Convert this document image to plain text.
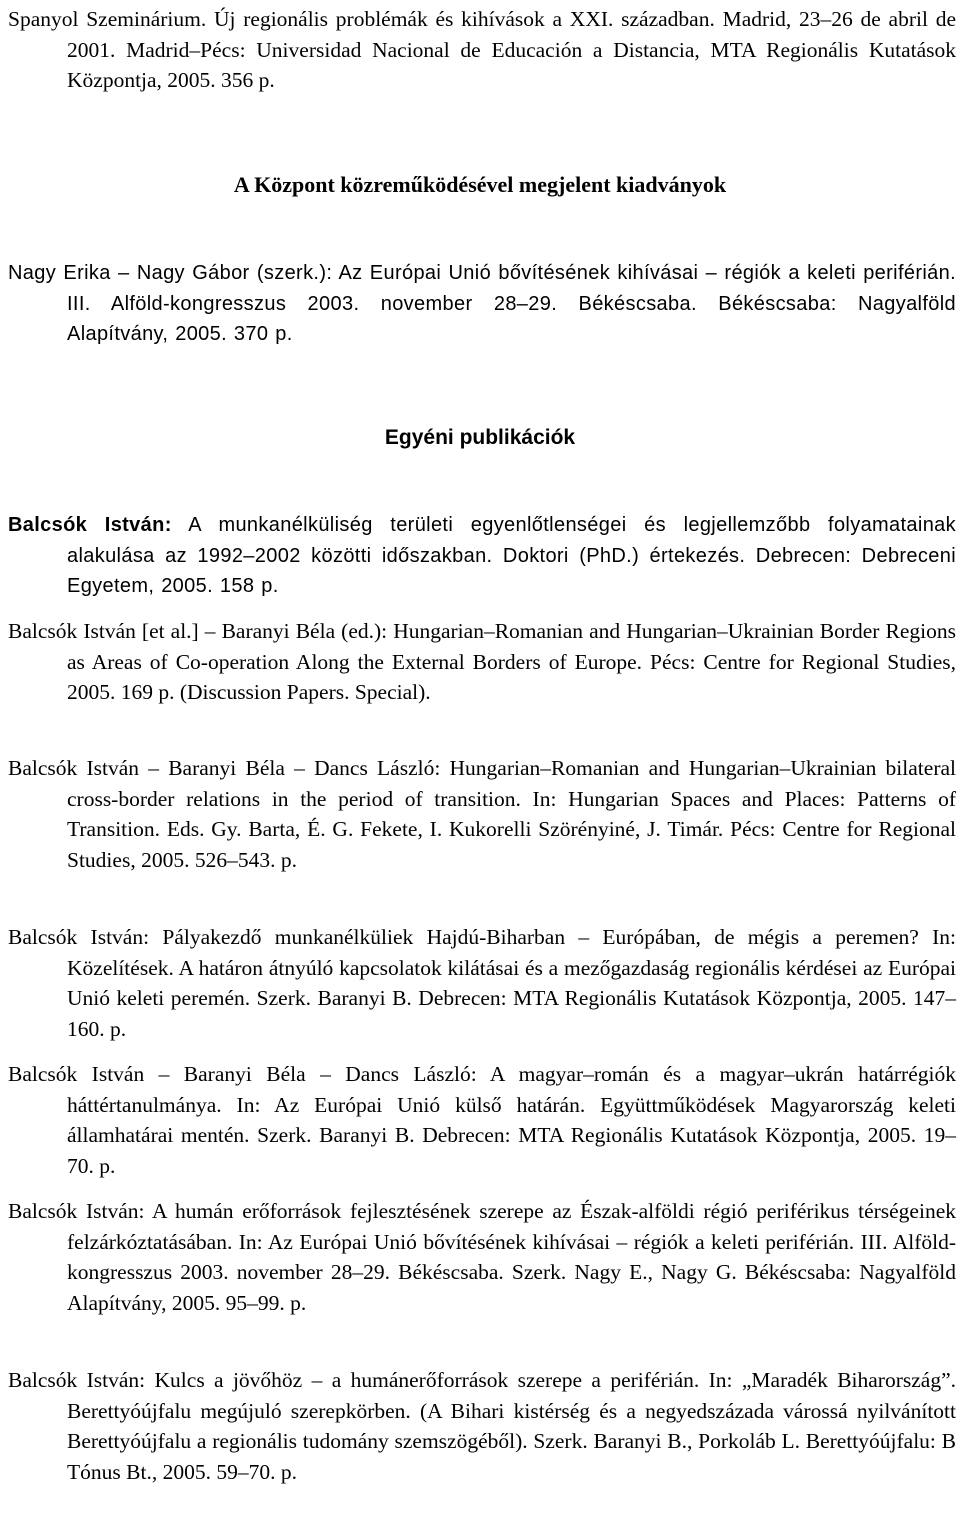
Spanyol Szeminárium. Új regionális problémák és kihívások a XXI. században. Madrid, 23–26 de abril de 2001. Madrid–Pécs: Universidad Nacional de Educación a Distancia, MTA Regionális Kutatások Központja, 2005. 356 p.

A Központ közreműködésével megjelent kiadványok

Nagy Erika – Nagy Gábor (szerk.): Az Európai Unió bővítésének kihívásai – régiók a keleti periférián. III. Alföld-kongresszus 2003. november 28–29. Békéscsaba. Békéscsaba: Nagyalföld Alapítvány, 2005. 370 p.

Egyéni publikációk

Balcsók István: A munkanélküliség területi egyenlőtlenségei és legjellemzőbb folyamatainak alakulása az 1992–2002 közötti időszakban. Doktori (PhD.) értekezés. Debrecen: Debreceni Egyetem, 2005. 158 p.

Balcsók István [et al.] – Baranyi Béla (ed.): Hungarian–Romanian and Hungarian–Ukrainian Border Regions as Areas of Co-operation Along the External Borders of Europe. Pécs: Centre for Regional Studies, 2005. 169 p. (Discussion Papers. Special).

Balcsók István – Baranyi Béla – Dancs László: Hungarian–Romanian and Hungarian–Ukrainian bilateral cross-border relations in the period of transition. In: Hungarian Spaces and Places: Patterns of Transition. Eds. Gy. Barta, É. G. Fekete, I. Kukorelli Szörényiné, J. Timár. Pécs: Centre for Regional Studies, 2005. 526–543. p.

Balcsók István: Pályakezdő munkanélküliek Hajdú-Biharban – Európában, de mégis a peremen? In: Közelítések. A határon átnyúló kapcsolatok kilátásai és a mezőgazdaság regionális kérdései az Európai Unió keleti peremén. Szerk. Baranyi B. Debrecen: MTA Regionális Kutatások Központja, 2005. 147–160. p.

Balcsók István – Baranyi Béla – Dancs László: A magyar–román és a magyar–ukrán határrégiók háttértanulmánya. In: Az Európai Unió külső határán. Együttműködések Magyarország keleti államhatárai mentén. Szerk. Baranyi B. Debrecen: MTA Regionális Kutatások Központja, 2005. 19–70. p.

Balcsók István: A humán erőforrások fejlesztésének szerepe az Észak-alföldi régió periférikus térségeinek felzárkóztatásában. In: Az Európai Unió bővítésének kihívásai – régiók a keleti periférián. III. Alföld-kongresszus 2003. november 28–29. Békéscsaba. Szerk. Nagy E., Nagy G. Békéscsaba: Nagyalföld Alapítvány, 2005. 95–99. p.

Balcsók István: Kulcs a jövőhöz – a humánerőforrások szerepe a periférián. In: „Maradék Biharország”. Berettyóújfalu megújuló szerepkörben. (A Bihari kistérség és a negyedszázada várossá nyilvánított Berettyóújfalu a regionális tudomány szemszögéből). Szerk. Baranyi B., Porkoláb L. Berettyóújfalu: B Tónus Bt., 2005. 59–70. p.
